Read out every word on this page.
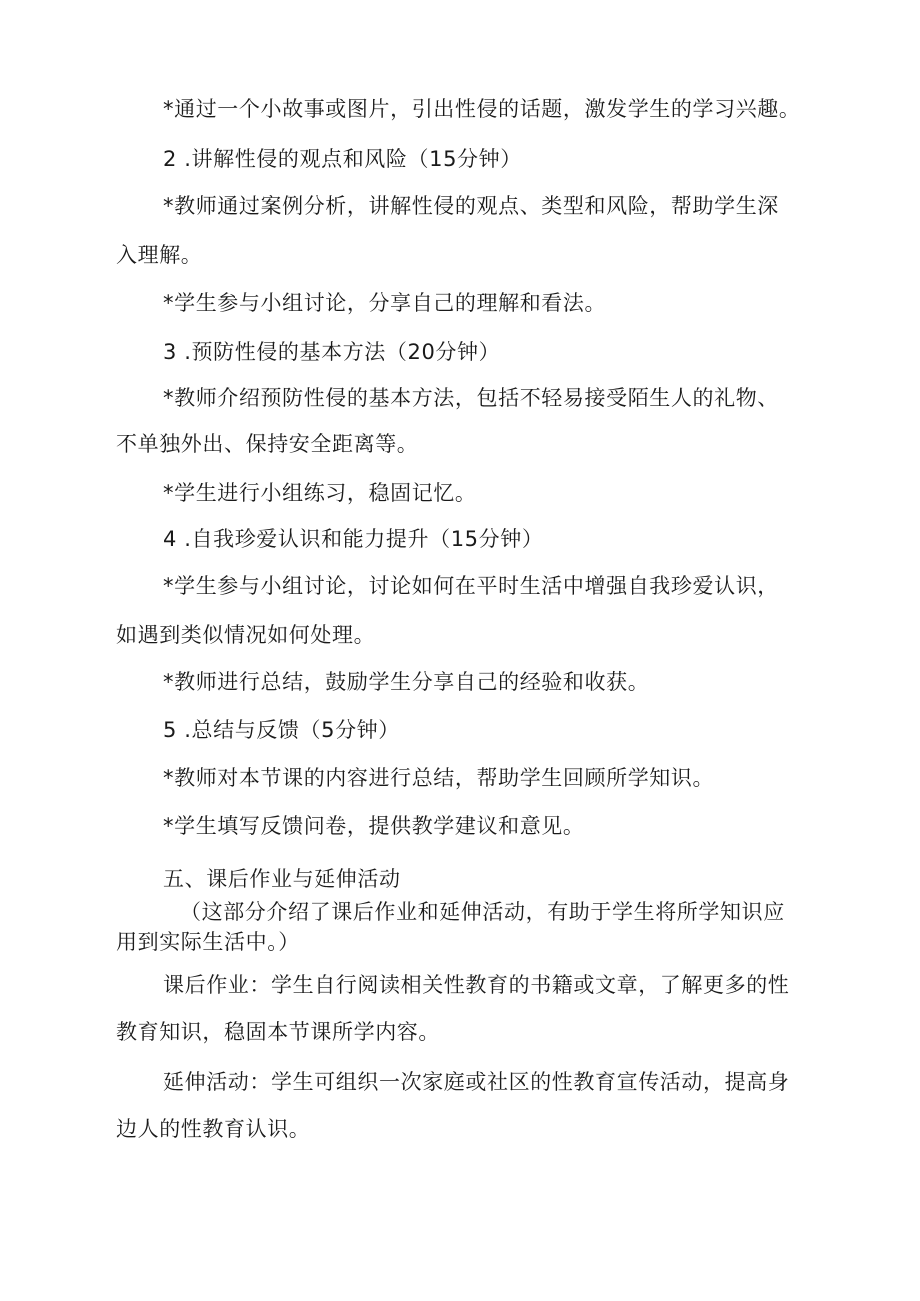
*通过一个小故事或图片，引出性侵的话题，激发学生的学习兴趣。
2 .讲解性侵的观点和风险（15分钟）
*教师通过案例分析，讲解性侵的观点、类型和风险，帮助学生深
入理解。
*学生参与小组讨论，分享自己的理解和看法。
3 .预防性侵的基本方法（20分钟）
*教师介绍预防性侵的基本方法，包括不轻易接受陌生人的礼物、
不单独外出、保持安全距离等。
*学生进行小组练习，稳固记忆。
4 .自我珍爱认识和能力提升（15分钟）
*学生参与小组讨论，讨论如何在平时生活中增强自我珍爱认识，
如遇到类似情况如何处理。
*教师进行总结，鼓励学生分享自己的经验和收获。
5 .总结与反馈（5分钟）
*教师对本节课的内容进行总结，帮助学生回顾所学知识。
*学生填写反馈问卷，提供教学建议和意见。
五、课后作业与延伸活动
（这部分介绍了课后作业和延伸活动，有助于学生将所学知识应
用到实际生活中。）
课后作业：学生自行阅读相关性教育的书籍或文章，了解更多的性
教育知识，稳固本节课所学内容。
延伸活动：学生可组织一次家庭或社区的性教育宣传活动，提高身
边人的性教育认识。
